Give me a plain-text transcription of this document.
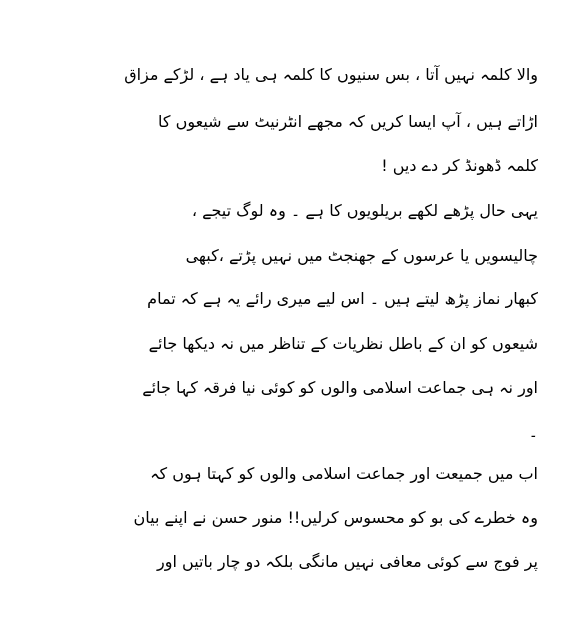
والا کلمہ نہیں آتا ، بس سنیوں کا کلمہ ہی یاد ہے ، لڑکے مزاق
اڑاتے ہیں ، آپ ایسا کریں کہ مجھے انٹرنیٹ سے شیعوں کا
کلمہ ڈھونڈ کر دے دیں !
یہی حال پڑھے لکھے بریلویوں کا ہے ۔ وہ لوگ تیجے ،
چالیسویں یا عرسوں کے جھنجٹ میں نہیں پڑتے ،کبھی
کبھار نماز پڑھ لیتے ہیں ۔ اس لیے میری رائے یہ ہے کہ تمام
شیعوں کو ان کے باطل نظریات کے تناظر میں نہ دیکھا جائے
اور نہ ہی جماعت اسلامی والوں کو کوئی نیا فرقہ کہا جائے
۔
اب میں جمیعت اور جماعت اسلامی والوں کو کہتا ہوں کہ
وہ خطرے کی بو کو محسوس کرلیں!! منور حسن نے اپنے بیان
پر فوج سے کوئی معافی نہیں مانگی بلکہ دو چار باتیں اور
